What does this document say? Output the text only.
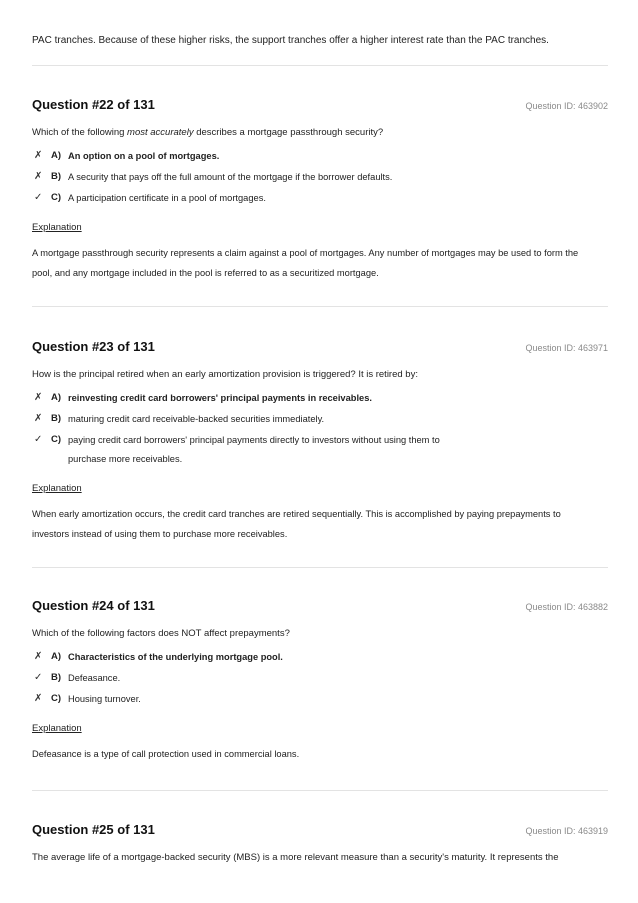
PAC tranches. Because of these higher risks, the support tranches offer a higher interest rate than the PAC tranches.
Question #22 of 131	Question ID: 463902
Which of the following most accurately describes a mortgage passthrough security?
✗ A) An option on a pool of mortgages.
✗ B) A security that pays off the full amount of the mortgage if the borrower defaults.
✓ C) A participation certificate in a pool of mortgages.
Explanation
A mortgage passthrough security represents a claim against a pool of mortgages. Any number of mortgages may be used to form the pool, and any mortgage included in the pool is referred to as a securitized mortgage.
Question #23 of 131	Question ID: 463971
How is the principal retired when an early amortization provision is triggered? It is retired by:
✗ A) reinvesting credit card borrowers' principal payments in receivables.
✗ B) maturing credit card receivable-backed securities immediately.
✓ C) paying credit card borrowers' principal payments directly to investors without using them to
purchase more receivables.
Explanation
When early amortization occurs, the credit card tranches are retired sequentially. This is accomplished by paying prepayments to investors instead of using them to purchase more receivables.
Question #24 of 131	Question ID: 463882
Which of the following factors does NOT affect prepayments?
✗ A) Characteristics of the underlying mortgage pool.
✓ B) Defeasance.
✗ C) Housing turnover.
Explanation
Defeasance is a type of call protection used in commercial loans.
Question #25 of 131	Question ID: 463919
The average life of a mortgage-backed security (MBS) is a more relevant measure than a security's maturity. It represents the
